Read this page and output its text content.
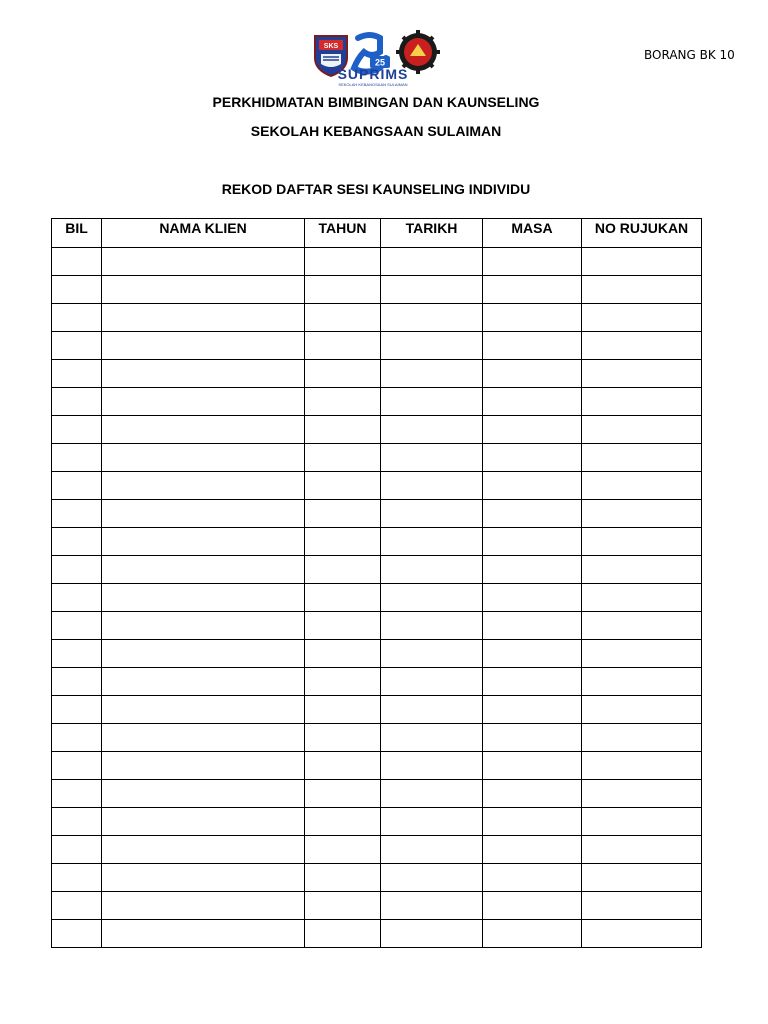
SKS
25
SUPRIMS
SEKOLAH KEBANGSAAN SULAIMAN
BORANG BK 10
PERKHIDMATAN BIMBINGAN DAN KAUNSELING
SEKOLAH KEBANGSAAN SULAIMAN
REKOD DAFTAR SESI KAUNSELING INDIVIDU
BIL	NAMA KLIEN	TAHUN	TARIKH	MASA	NO RUJUKAN
